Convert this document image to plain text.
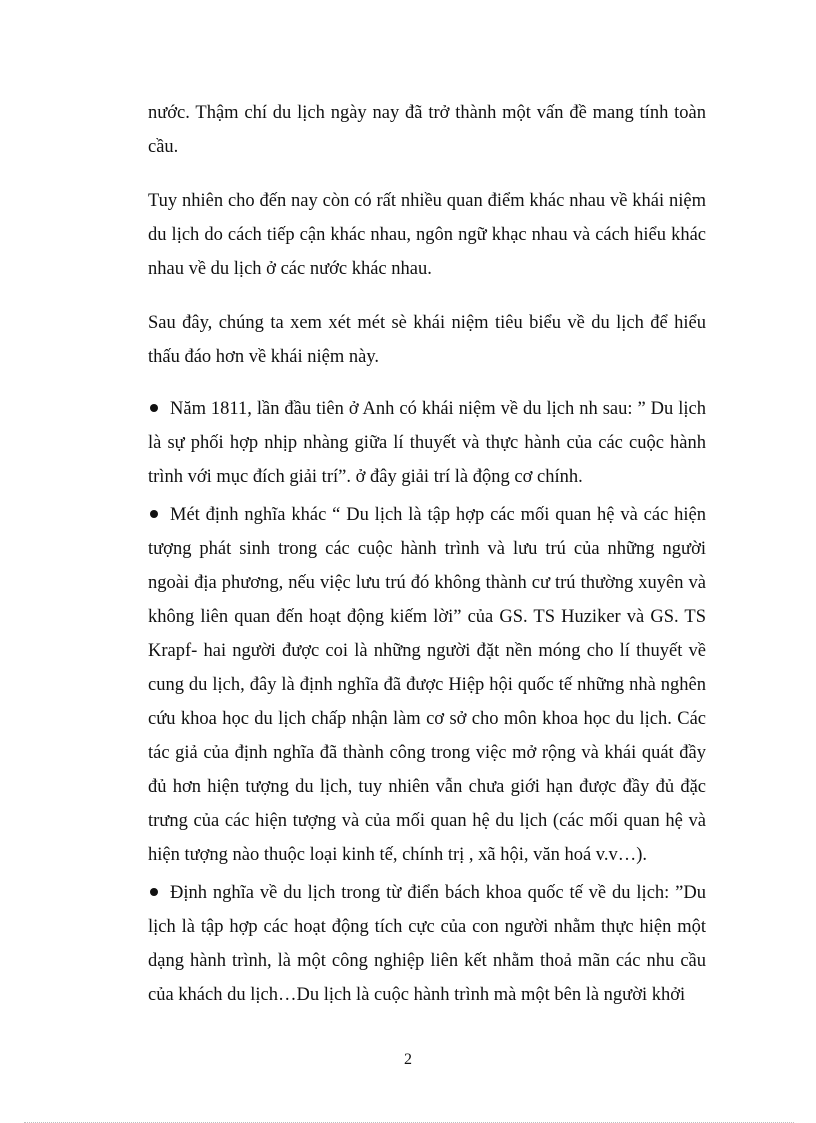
nước. Thậm chí du lịch ngày nay đã trở thành một vấn đề mang tính toàn cầu.

Tuy nhiên cho đến nay còn có rất nhiều quan điểm khác nhau về khái niệm du lịch do cách tiếp cận khác nhau, ngôn ngữ khạc nhau và cách hiểu khác nhau về du lịch ở các nước khác nhau.

Sau đây, chúng ta xem xét mét sè khái niệm tiêu biểu về du lịch để hiểu thấu đáo hơn về khái niệm này.

Năm 1811, lần đầu tiên ở Anh có khái niệm về du lịch nh sau: ” Du lịch là sự phối hợp nhịp nhàng giữa lí thuyết và thực hành của các cuộc hành trình với mục đích giải trí”. ở đây giải trí là động cơ chính.
Mét định nghĩa khác “ Du lịch là tập hợp các mối quan hệ và các hiện tượng phát sinh trong các cuộc hành trình và lưu trú của những người ngoài địa phương, nếu việc lưu trú đó không thành cư trú thường xuyên và không liên quan đến hoạt động kiếm lời” của GS. TS Huziker và GS. TS Krapf- hai người được coi là những người đặt nền móng cho lí thuyết về cung du lịch, đây là định nghĩa đã được Hiệp hội quốc tế những nhà nghên cứu khoa học du lịch chấp nhận làm cơ sở cho môn khoa học du lịch. Các tác giả của định nghĩa đã thành công trong việc mở rộng và khái quát đầy đủ hơn hiện tượng du lịch, tuy nhiên vẫn chưa giới hạn được đầy đủ đặc trưng của các hiện tượng và của mối quan hệ du lịch (các mối quan hệ và hiện tượng nào thuộc loại kinh tế, chính trị , xã hội, văn hoá v.v…).
Định nghĩa về du lịch trong từ điển bách khoa quốc tế về du lịch: ”Du lịch là tập hợp các hoạt động tích cực của con người nhằm thực hiện một dạng hành trình, là một công nghiệp liên kết nhằm thoả mãn các nhu cầu của khách du lịch…Du lịch là cuộc hành trình mà một bên là người khởi
2
